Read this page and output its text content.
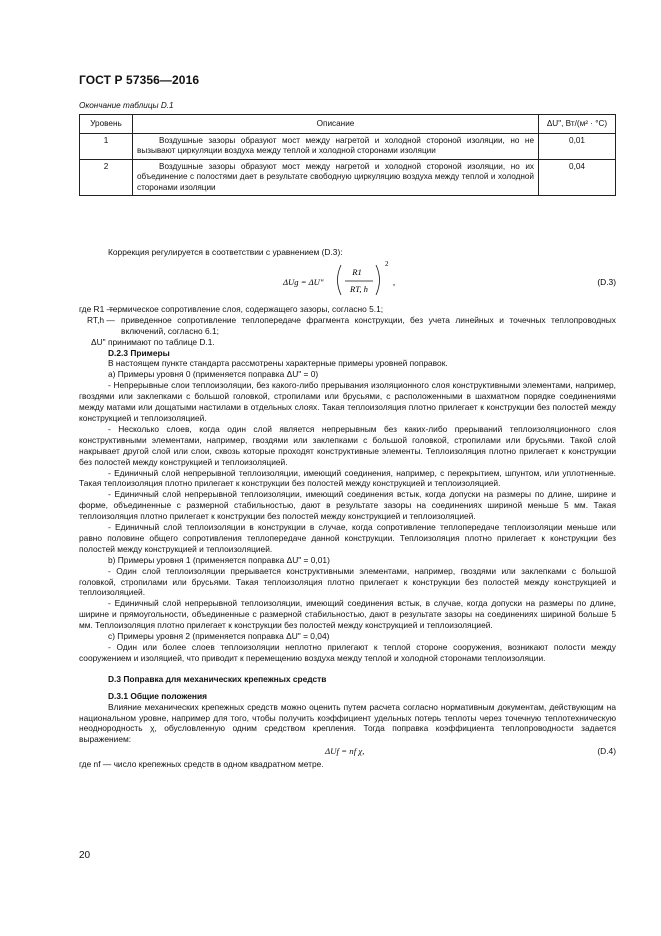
ГОСТ Р 57356—2016
Окончание таблицы D.1
Уровень	Описание	ΔU", Вт/(м² · °С)
1	Воздушные зазоры образуют мост между нагретой и холодной стороной изоляции, но не вызывают циркуляции воздуха между теплой и холодной сторонами изоляции	0,01
2	Воздушные зазоры образуют мост между нагретой и холодной стороной изоляции, но их объединение с полостями дает в результате свободную циркуляцию воздуха между теплой и холодной сторонами изоляции	0,04

Коррекция регулируется в соответствии с уравнением (D.3):

ΔUg = ΔU"
R1
RT, h
2
,	(D.3)
где R1 —
термическое сопротивление слоя, содержащего зазоры, согласно 5.1;
RT,h — приведенное сопротивление теплопередаче фрагмента конструкции, без учета линейных и точечных теплопроводных включений, согласно 6.1;

ΔU" принимают по таблице D.1.

D.2.3 Примеры

В настоящем пункте стандарта рассмотрены характерные примеры уровней поправок.

а) Примеры уровня 0 (применяется поправка ΔU" = 0)

- Непрерывные слои теплоизоляции, без какого-либо прерывания изоляционного слоя конструктивными элементами, например, гвоздями или заклепками с большой головкой, стропилами или брусьями, с расположенными в шахматном порядке соединениями между матами или дощатыми настилами в отдельных слоях. Такая теплоизоляция плотно прилегает к конструкции без полостей между конструкцией и теплоизоляцией.

- Несколько слоев, когда один слой является непрерывным без каких-либо прерываний теплоизоляционного слоя конструктивными элементами, например, гвоздями или заклепками с большой головкой, стропилами или брусьями. Такой слой накрывает другой слой или слои, сквозь которые проходят конструктивные элементы. Теплоизоляция плотно прилегает к конструкции без полостей между конструкцией и теплоизоляцией.

- Единичный слой непрерывной теплоизоляции, имеющий соединения, например, с перекрытием, шпунтом, или уплотненные. Такая теплоизоляция плотно прилегает к конструкции без полостей между конструкцией и теплоизоляцией.

- Единичный слой непрерывной теплоизоляции, имеющий соединения встык, когда допуски на размеры по длине, ширине и форме, объединенные с размерной стабильностью, дают в результате зазоры на соединениях шириной меньше 5 мм. Такая теплоизоляция плотно прилегает к конструкции без полостей между конструкцией и теплоизоляцией.

- Единичный слой теплоизоляции в конструкции в случае, когда сопротивление теплопередаче теплоизоляции меньше или равно половине общего сопротивления теплопередаче данной конструкции. Теплоизоляция плотно прилегает к конструкции без полостей между конструкцией и теплоизоляцией.

b) Примеры уровня 1 (применяется поправка ΔU" = 0,01)

- Один слой теплоизоляции прерывается конструктивными элементами, например, гвоздями или заклепками с большой головкой, стропилами или брусьями. Такая теплоизоляция плотно прилегает к конструкции без полостей между конструкцией и теплоизоляцией.

- Единичный слой непрерывной теплоизоляции, имеющий соединения встык, в случае, когда допуски на размеры по длине, ширине и прямоугольности, объединенные с размерной стабильностью, дают в результате зазоры на соединениях шириной больше 5 мм. Теплоизоляция плотно прилегает к конструкции без полостей между конструкцией и теплоизоляцией.

с) Примеры уровня 2 (применяется поправка ΔU" = 0,04)

- Один или более слоев теплоизоляции неплотно прилегают к теплой стороне сооружения, возникают полости между сооружением и изоляцией, что приводит к перемещению воздуха между теплой и холодной сторонами теплоизоляции.

D.3 Поправка для механических крепежных средств

D.3.1 Общие положения

Влияние механических крепежных средств можно оценить путем расчета согласно нормативным документам, действующим на национальном уровне, например для того, чтобы получить коэффициент удельных потерь теплоты через точечную теплотехническую неоднородность χ, обусловленную одним средством крепления. Тогда поправка коэффициента теплопроводности задается выражением:

ΔUf = nf χ,	(D.4)

где nf — число крепежных средств в одном квадратном метре.

20
